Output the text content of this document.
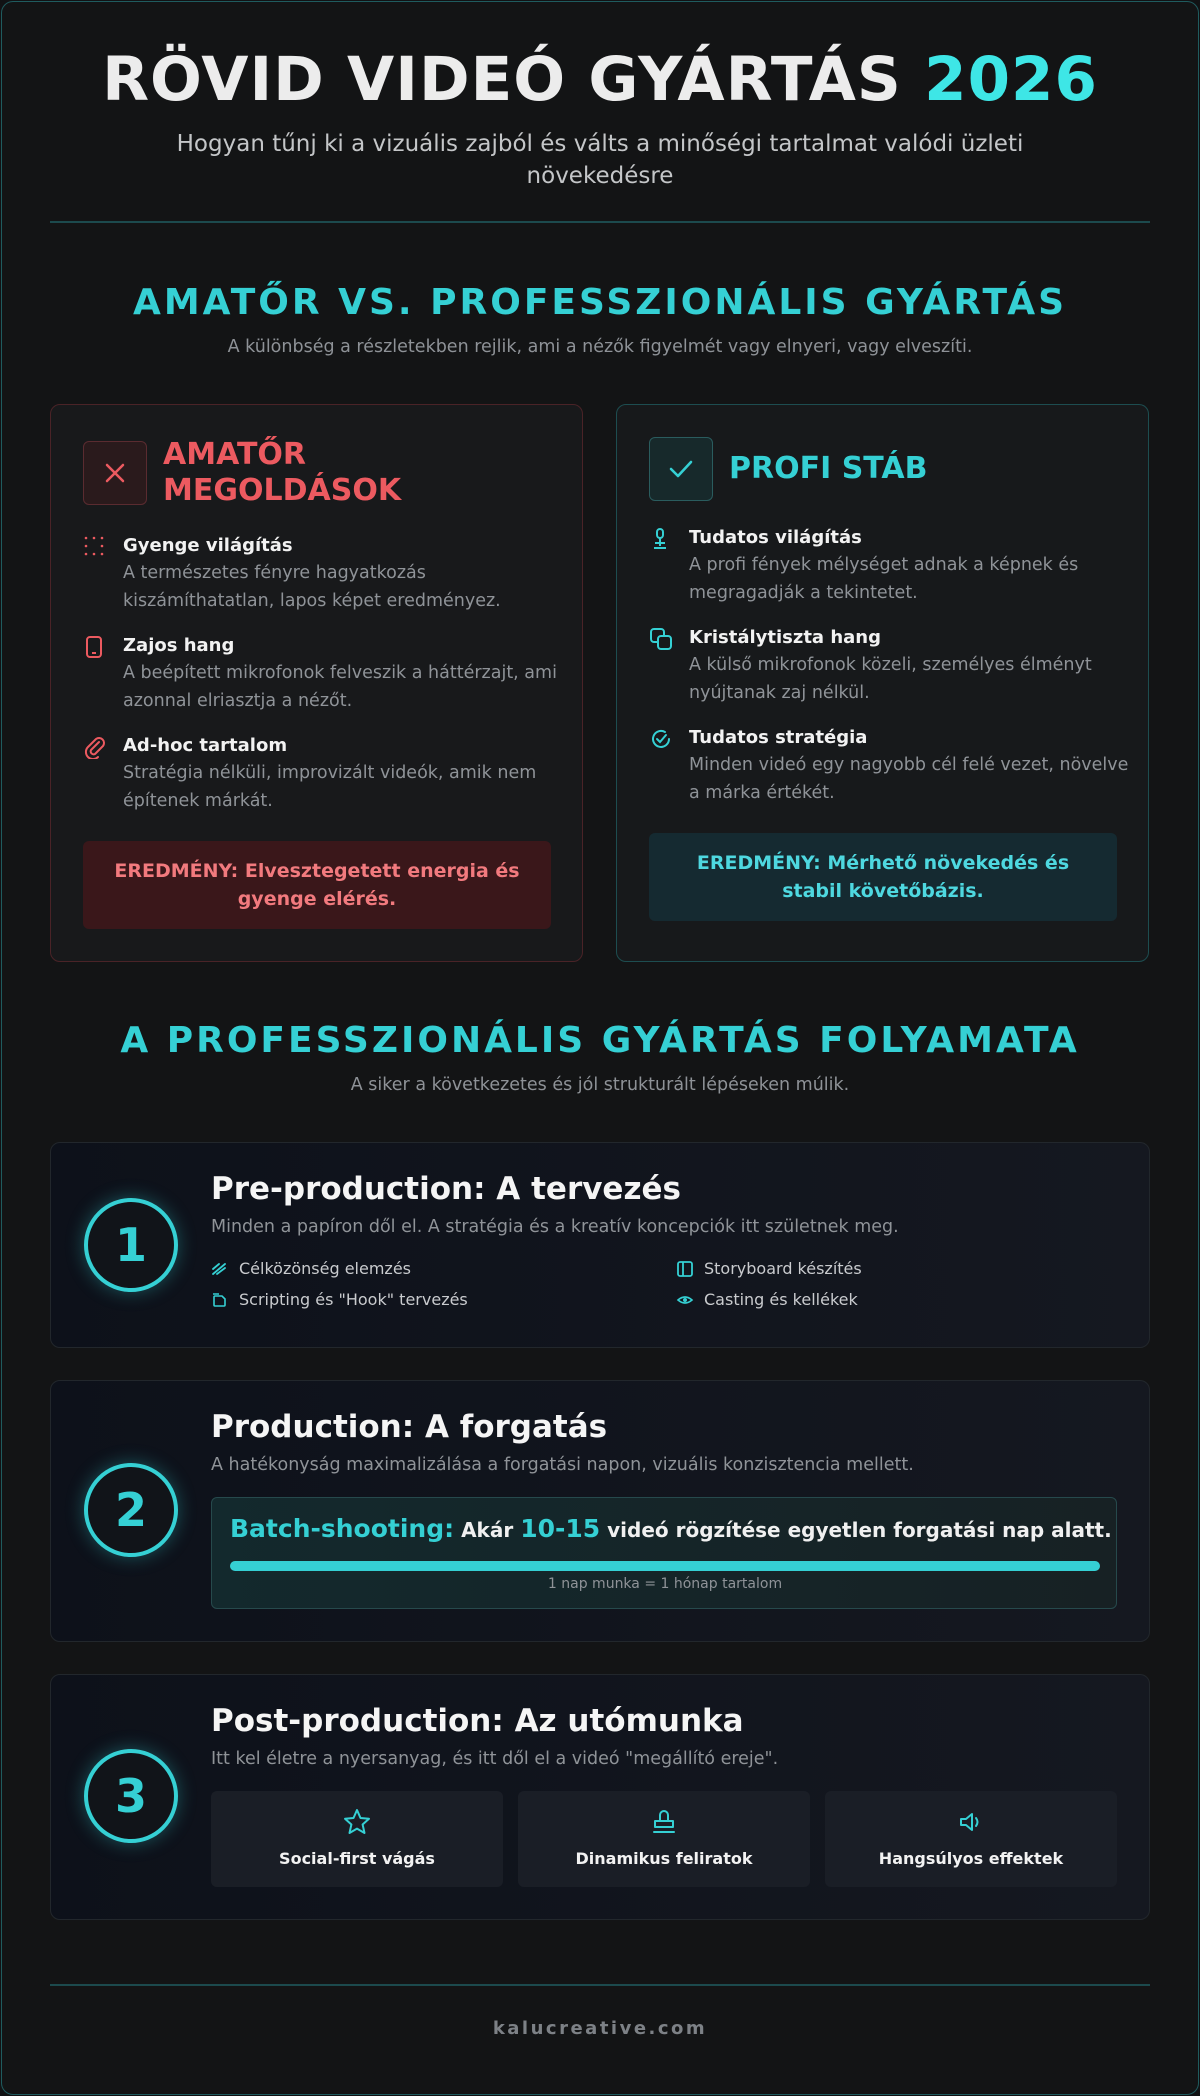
RÖVID VIDEÓ GYÁRTÁS 2026
Hogyan tűnj ki a vizuális zajból és válts a minőségi tartalmat valódi üzleti növekedésre
AMATŐR VS. PROFESSZIONÁLIS GYÁRTÁS
A különbség a részletekben rejlik, ami a nézők figyelmét vagy elnyeri, vagy elveszíti.
AMATŐR MEGOLDÁSOK
Gyenge világítás
A természetes fényre hagyatkozás kiszámíthatatlan, lapos képet eredményez.
Zajos hang
A beépített mikrofonok felveszik a háttérzajt, ami azonnal elriasztja a nézőt.
Ad-hoc tartalom
Stratégia nélküli, improvizált videók, amik nem építenek márkát.
EREDMÉNY: Elvesztegetett energia és gyenge elérés.
PROFI STÁB
Tudatos világítás
A profi fények mélységet adnak a képnek és megragadják a tekintetet.
Kristálytiszta hang
A külső mikrofonok közeli, személyes élményt nyújtanak zaj nélkül.
Tudatos stratégia
Minden videó egy nagyobb cél felé vezet, növelve a márka értékét.
EREDMÉNY: Mérhető növekedés és stabil követőbázis.
A PROFESSZIONÁLIS GYÁRTÁS FOLYAMATA
A siker a következetes és jól strukturált lépéseken múlik.
1
Pre-production: A tervezés
Minden a papíron dől el. A stratégia és a kreatív koncepciók itt születnek meg.
Célközönség elemzés	Storyboard készítés
Scripting és "Hook" tervezés	Casting és kellékek
2
Production: A forgatás
A hatékonyság maximalizálása a forgatási napon, vizuális konzisztencia mellett.
Batch-shooting: Akár 10-15 videó rögzítése egyetlen forgatási nap alatt.
1 nap munka = 1 hónap tartalom
3
Post-production: Az utómunka
Itt kel életre a nyersanyag, és itt dől el a videó "megállító ereje".
Social-first vágás	Dinamikus feliratok	Hangsúlyos effektek
kalucreative.com
